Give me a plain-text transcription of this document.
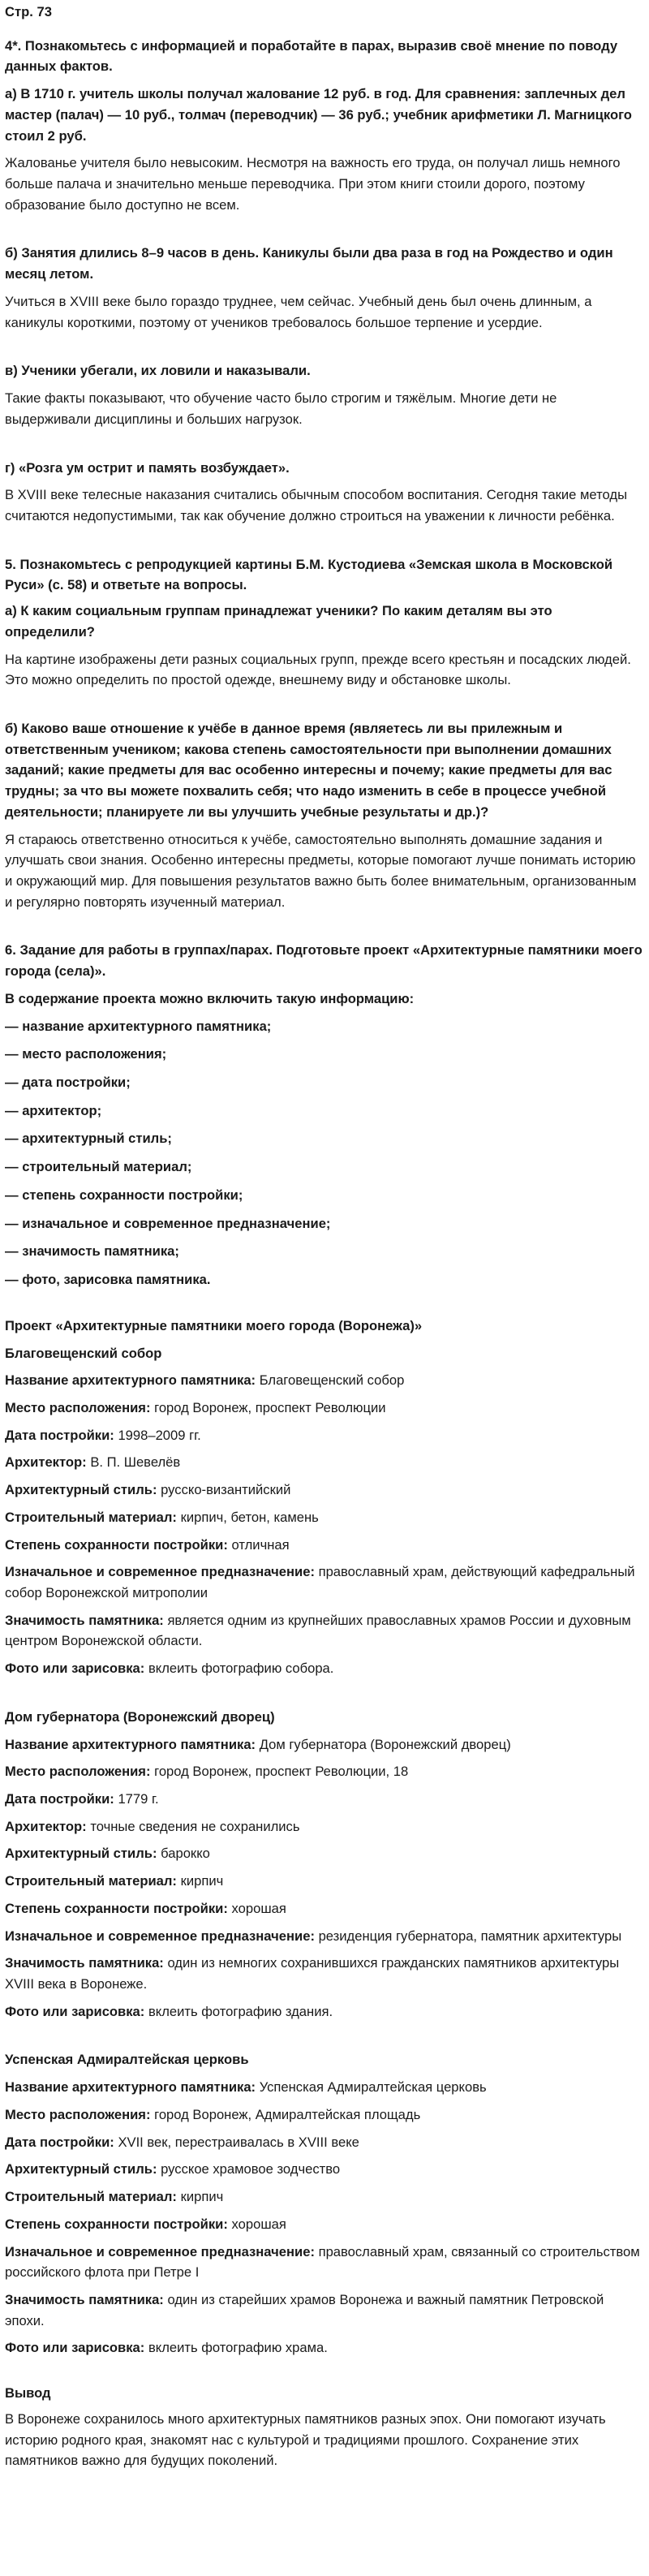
Стр. 73

4*. Познакомьтесь с информацией и поработайте в парах, выразив своё мнение по поводу данных фактов.

а) В 1710 г. учитель школы получал жалование 12 руб. в год. Для сравнения: заплечных дел мастер (палач) — 10 руб., толмач (переводчик) — 36 руб.; учебник арифметики Л. Магницкого стоил 2 руб.

Жалованье учителя было невысоким. Несмотря на важность его труда, он получал лишь немного больше палача и значительно меньше переводчика. При этом книги стоили дорого, поэтому образование было доступно не всем.

б) Занятия длились 8–9 часов в день. Каникулы были два раза в год на Рождество и один месяц летом.

Учиться в XVIII веке было гораздо труднее, чем сейчас. Учебный день был очень длинным, а каникулы короткими, поэтому от учеников требовалось большое терпение и усердие.

в) Ученики убегали, их ловили и наказывали.

Такие факты показывают, что обучение часто было строгим и тяжёлым. Многие дети не выдерживали дисциплины и больших нагрузок.

г) «Розга ум острит и память возбуждает».

В XVIII веке телесные наказания считались обычным способом воспитания. Сегодня такие методы считаются недопустимыми, так как обучение должно строиться на уважении к личности ребёнка.

5. Познакомьтесь с репродукцией картины Б.М. Кустодиева «Земская школа в Московской Руси» (с. 58) и ответьте на вопросы.

а) К каким социальным группам принадлежат ученики? По каким деталям вы это определили?

На картине изображены дети разных социальных групп, прежде всего крестьян и посадских людей. Это можно определить по простой одежде, внешнему виду и обстановке школы.

б) Каково ваше отношение к учёбе в данное время (являетесь ли вы прилежным и ответственным учеником; какова степень самостоятельности при выполнении домашних заданий; какие предметы для вас особенно интересны и почему; какие предметы для вас трудны; за что вы можете похвалить себя; что надо изменить в себе в процессе учебной деятельности; планируете ли вы улучшить учебные результаты и др.)?

Я стараюсь ответственно относиться к учёбе, самостоятельно выполнять домашние задания и улучшать свои знания. Особенно интересны предметы, которые помогают лучше понимать историю и окружающий мир. Для повышения результатов важно быть более внимательным, организованным и регулярно повторять изученный материал.

6. Задание для работы в группах/парах. Подготовьте проект «Архитектурные памятники моего города (села)».

В содержание проекта можно включить такую информацию:

— название архитектурного памятника;
— место расположения;
— дата постройки;
— архитектор;
— архитектурный стиль;
— строительный материал;
— степень сохранности постройки;
— изначальное и современное предназначение;
— значимость памятника;
— фото, зарисовка памятника.

Проект «Архитектурные памятники моего города (Воронежа)»

Благовещенский собор

Название архитектурного памятника: Благовещенский собор

Место расположения: город Воронеж, проспект Революции

Дата постройки: 1998–2009 гг.

Архитектор: В. П. Шевелёв

Архитектурный стиль: русско-византийский

Строительный материал: кирпич, бетон, камень

Степень сохранности постройки: отличная

Изначальное и современное предназначение: православный храм, действующий кафедральный собор Воронежской митрополии

Значимость памятника: является одним из крупнейших православных храмов России и духовным центром Воронежской области.

Фото или зарисовка: вклеить фотографию собора.

Дом губернатора (Воронежский дворец)

Название архитектурного памятника: Дом губернатора (Воронежский дворец)

Место расположения: город Воронеж, проспект Революции, 18

Дата постройки: 1779 г.

Архитектор: точные сведения не сохранились

Архитектурный стиль: барокко

Строительный материал: кирпич

Степень сохранности постройки: хорошая

Изначальное и современное предназначение: резиденция губернатора, памятник архитектуры

Значимость памятника: один из немногих сохранившихся гражданских памятников архитектуры XVIII века в Воронеже.

Фото или зарисовка: вклеить фотографию здания.

Успенская Адмиралтейская церковь

Название архитектурного памятника: Успенская Адмиралтейская церковь

Место расположения: город Воронеж, Адмиралтейская площадь

Дата постройки: XVII век, перестраивалась в XVIII веке

Архитектурный стиль: русское храмовое зодчество

Строительный материал: кирпич

Степень сохранности постройки: хорошая

Изначальное и современное предназначение: православный храм, связанный со строительством российского флота при Петре I

Значимость памятника: один из старейших храмов Воронежа и важный памятник Петровской эпохи.

Фото или зарисовка: вклеить фотографию храма.

Вывод

В Воронеже сохранилось много архитектурных памятников разных эпох. Они помогают изучать историю родного края, знакомят нас с культурой и традициями прошлого. Сохранение этих памятников важно для будущих поколений.
